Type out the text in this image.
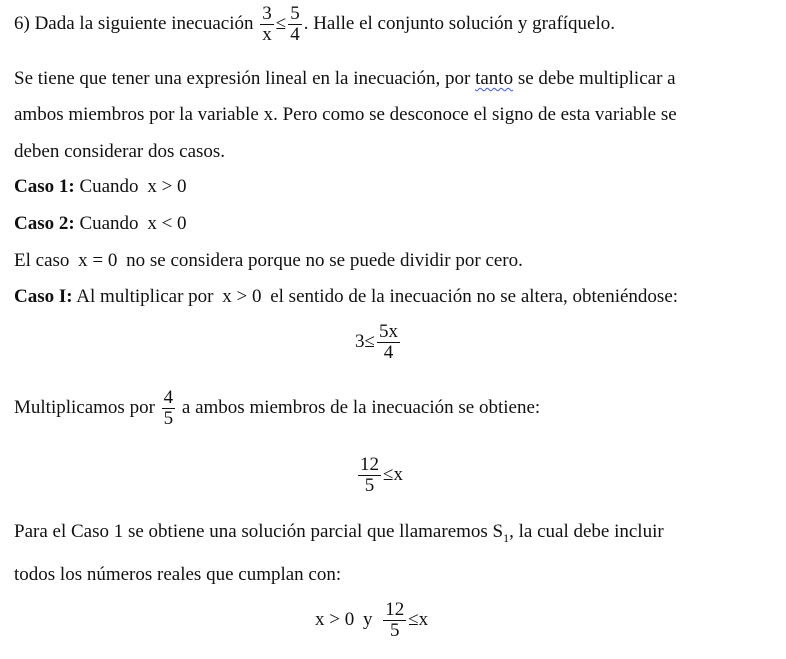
6) Dada la siguiente inecuación $\frac{3}{x} \le \frac{5}{4}$ . Halle el conjunto solución y grafíquelo.
Se tiene que tener una expresión lineal en la inecuación, por tanto se debe multiplicar a
ambos miembros por la variable x. Pero como se desconoce el signo de esta variable se
deben considerar dos casos.
Caso 1: Cuando x > 0
Caso 2: Cuando x < 0
El caso x = 0 no se considera porque no se puede dividir por cero.
Caso I: Al multiplicar por x > 0 el sentido de la inecuación no se altera, obteniéndose:
$3\le \frac{5x}{4}$
Multiplicamos por $\frac{4}{5}$ a ambos miembros de la inecuación se obtiene:
$\frac{12}{5} \le x$
Para el Caso 1 se obtiene una solución parcial que llamaremos $S_1$, la cual debe incluir
todos los números reales que cumplan con:
x > 0 y $\frac{12}{5} \le x$
